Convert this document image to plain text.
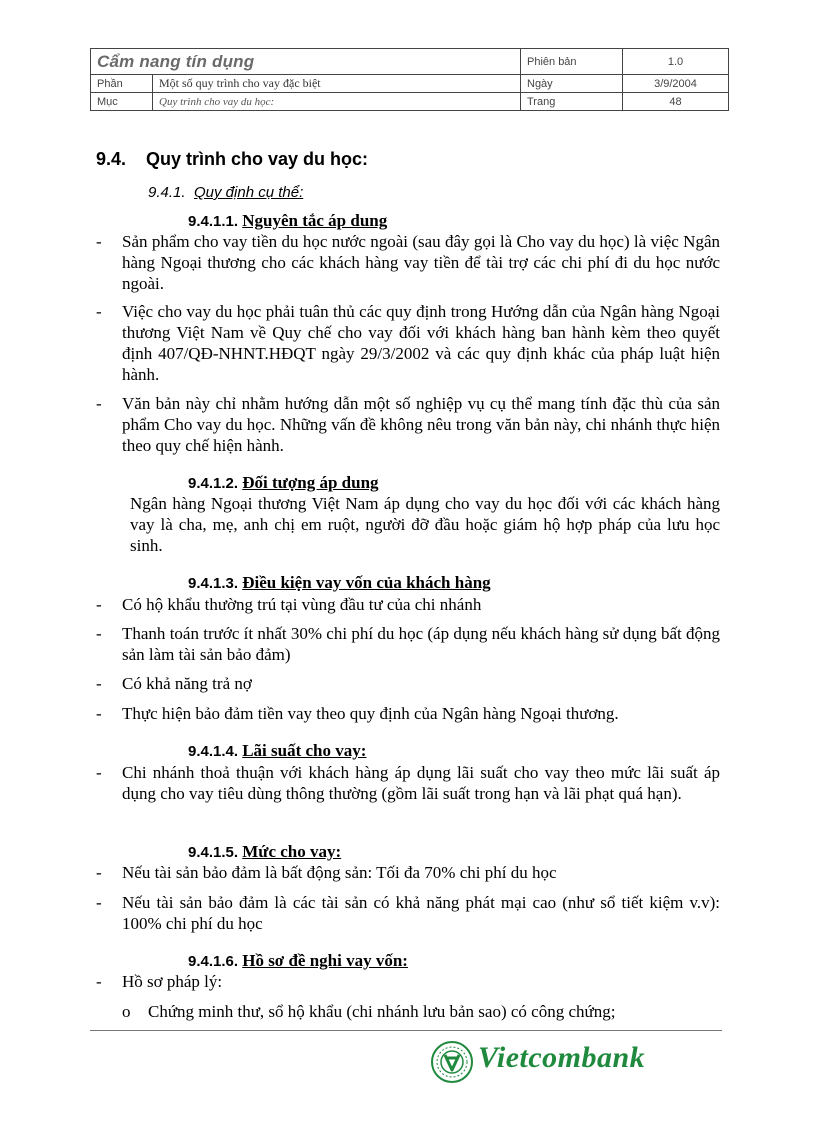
Cẩm nang tín dụng		Phiên bản	1.0
Phần	Một số quy trình cho vay đặc biệt	Ngày	3/9/2004
Mục	Quy trình cho vay du học:	Trang	48
9.4. Quy trình cho vay du học:
9.4.1. Quy định cụ thể:
9.4.1.1. Nguyên tắc áp dung
- Sản phẩm cho vay tiền du học nước ngoài (sau đây gọi là Cho vay du học) là việc Ngân hàng Ngoại thương cho các khách hàng vay tiền để tài trợ các chi phí đi du học nước ngoài.
- Việc cho vay du học phải tuân thủ các quy định trong Hướng dẫn của Ngân hàng Ngoại thương Việt Nam về Quy chế cho vay đối với khách hàng ban hành kèm theo quyết định 407/QĐ-NHNT.HĐQT ngày 29/3/2002 và các quy định khác của pháp luật hiện hành.
- Văn bản này chỉ nhằm hướng dẫn một số nghiệp vụ cụ thể mang tính đặc thù của sản phẩm Cho vay du học. Những vấn đề không nêu trong văn bản này, chi nhánh thực hiện theo quy chế hiện hành.
9.4.1.2. Đối tượng áp dung
Ngân hàng Ngoại thương Việt Nam áp dụng cho vay du học đối với các khách hàng vay là cha, mẹ, anh chị em ruột, người đỡ đầu hoặc giám hộ hợp pháp của lưu học sinh.
9.4.1.3. Điều kiện vay vốn của khách hàng
- Có hộ khẩu thường trú tại vùng đầu tư của chi nhánh
- Thanh toán trước ít nhất 30% chi phí du học (áp dụng nếu khách hàng sử dụng bất động sản làm tài sản bảo đảm)
- Có khả năng trả nợ
- Thực hiện bảo đảm tiền vay theo quy định của Ngân hàng Ngoại thương.
9.4.1.4. Lãi suất cho vay:
- Chi nhánh thoả thuận với khách hàng áp dụng lãi suất cho vay theo mức lãi suất áp dụng cho vay tiêu dùng thông thường (gồm lãi suất trong hạn và lãi phạt quá hạn).
9.4.1.5. Mức cho vay:
- Nếu tài sản bảo đảm là bất động sản: Tối đa 70% chi phí du học
- Nếu tài sản bảo đảm là các tài sản có khả năng phát mại cao (như sổ tiết kiệm v.v): 100% chi phí du học
9.4.1.6. Hồ sơ đề nghi vay vốn:
- Hồ sơ pháp lý:
o Chứng minh thư, sổ hộ khẩu (chi nhánh lưu bản sao) có công chứng;
Vietcombank
